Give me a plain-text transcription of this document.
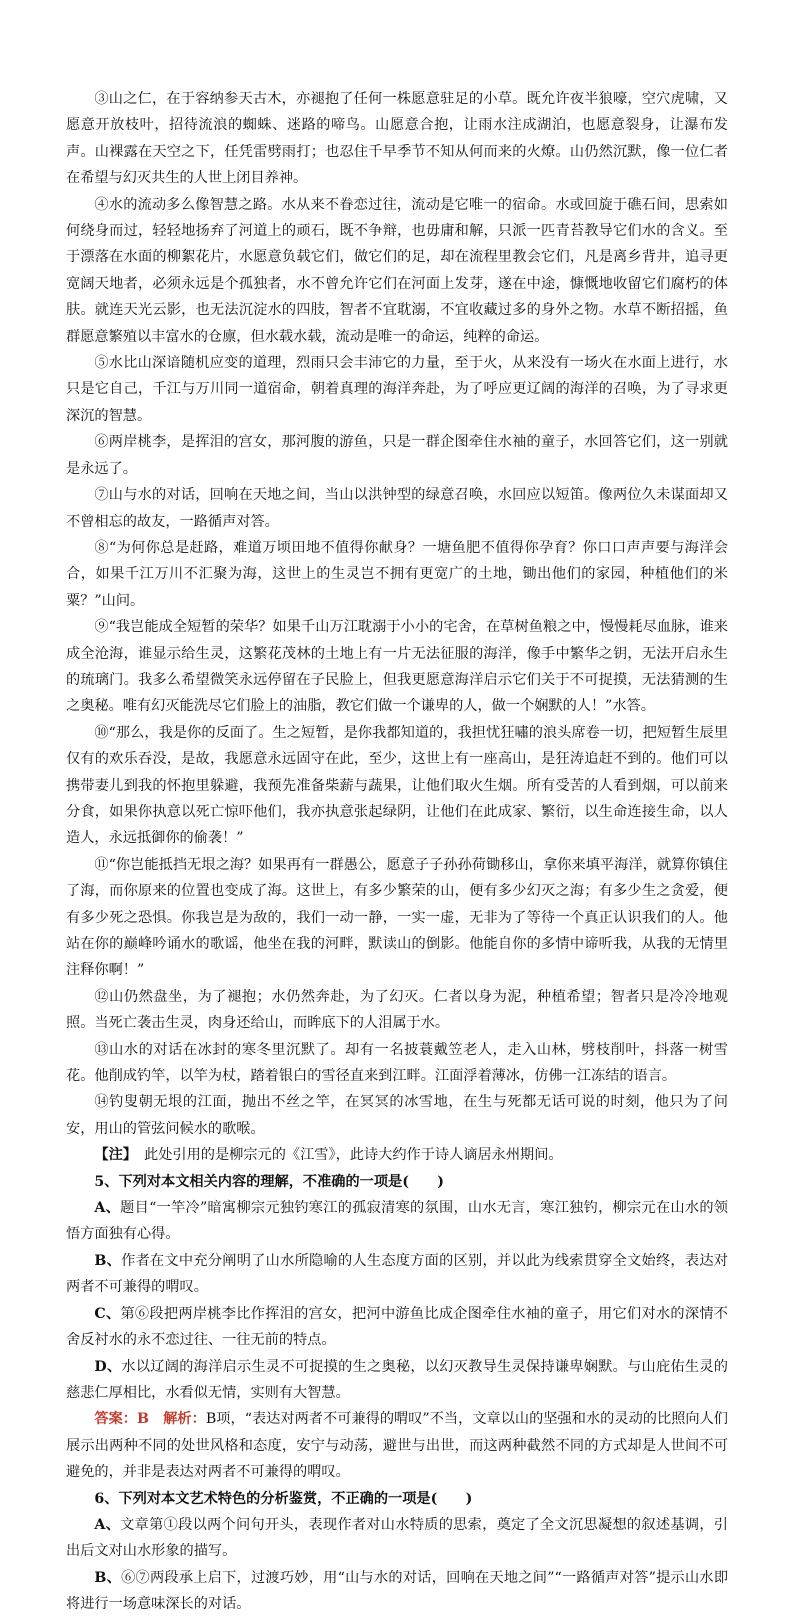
③山之仁，在于容纳参天古木，亦褪抱了任何一株愿意驻足的小草。既允许夜半狼嚎，空穴虎啸，又愿意开放枝叶，招待流浪的蜘蛛、迷路的啼鸟。山愿意合抱，让雨水注成湖泊，也愿意裂身，让瀑布发声。山裸露在天空之下，任凭雷劈雨打；也忍住千早季节不知从何而来的火燎。山仍然沉默，像一位仁者在希望与幻灭共生的人世上闭目养神。

④水的流动多么像智慧之路。水从来不眷恋过往，流动是它唯一的宿命。水或回旋于礁石间，思索如何绕身而过，轻轻地扬弃了河道上的顽石，既不争辩，也毋庸和解，只派一匹青苔教导它们水的含义。至于漂落在水面的柳絮花片，水愿意负载它们，做它们的足，却在流程里教会它们，凡是离乡背井，追寻更宽阔天地者，必须永远是个孤独者，水不曾允许它们在河面上发芽，遂在中途，慷慨地收留它们腐朽的体肤。就连天光云影，也无法沉淀水的四肢，智者不宜耽溺，不宜收藏过多的身外之物。水草不断招摇，鱼群愿意繁殖以丰富水的仓廪，但水载水载，流动是唯一的命运，纯粹的命运。

⑤水比山深谙随机应变的道理，烈雨只会丰沛它的力量，至于火，从来没有一场火在水面上进行，水只是它自己，千江与万川同一道宿命，朝着真理的海洋奔赴，为了呼应更辽阔的海洋的召唤，为了寻求更深沉的智慧。

⑥两岸桃李，是挥泪的宫女，那河腹的游鱼，只是一群企图牵住水袖的童子，水回答它们，这一别就是永远了。

⑦山与水的对话，回响在天地之间，当山以洪钟型的绿意召唤，水回应以短笛。像两位久未谋面却又不曾相忘的故友，一路循声对答。

⑧“为何你总是赶路，难道万顷田地不值得你献身？一塘鱼肥不值得你孕育？你口口声声要与海洋会合，如果千江万川不汇聚为海，这世上的生灵岂不拥有更宽广的土地，锄出他们的家园，种植他们的米粟？”山问。

⑨“我岂能成全短暂的荣华？如果千山万江耽溺于小小的宅舍，在草树鱼粮之中，慢慢耗尽血脉，谁来成全沧海，谁显示给生灵，这繁花茂林的土地上有一片无法征服的海洋，像手中繁华之钥，无法开启永生的琉璃门。我多么希望微笑永远停留在子民脸上，但我更愿意海洋启示它们关于不可捉摸，无法猜测的生之奥秘。唯有幻灭能洗尽它们脸上的油脂，教它们做一个谦卑的人，做一个娴默的人！”水答。

⑩“那么，我是你的反面了。生之短暂，是你我都知道的，我担忧狂嘯的浪头席卷一切，把短暂生辰里仅有的欢乐吞没，是故，我愿意永远固守在此，至少，这世上有一座高山，是狂涛追赶不到的。他们可以携带妻儿到我的怀抱里躲避，我预先准备柴薪与蔬果，让他们取火生烟。所有受苦的人看到烟，可以前来分食，如果你执意以死亡惊吓他们，我亦执意张起绿阴，让他们在此成家、繁衍，以生命连接生命，以人造人，永远抵御你的偷袭！”

⑪“你岂能抵挡无垠之海？如果再有一群愚公，愿意子子孙孙荷锄移山，拿你来填平海洋，就算你镇住了海，而你原来的位置也变成了海。这世上，有多少繁荣的山，便有多少幻灭之海；有多少生之贪爱，便有多少死之恐惧。你我岂是为敌的，我们一动一静，一实一虚，无非为了等待一个真正认识我们的人。他站在你的巅峰吟诵水的歌谣，他坐在我的河畔，默读山的倒影。他能自你的多情中谛听我，从我的无情里注释你啊！”

⑫山仍然盘坐，为了褪抱；水仍然奔赴，为了幻灭。仁者以身为泥，种植希望；智者只是冷冷地观照。当死亡袭击生灵，肉身还给山，而眸底下的人泪属于水。

⑬山水的对话在冰封的寒冬里沉默了。却有一名披蓑戴笠老人，走入山林，劈枝削叶，抖落一树雪花。他削成钓竿，以竿为杖，踏着银白的雪径直来到江畔。江面浮着薄冰，仿佛一江冻结的语言。

⑭钓叟朝无垠的江面，抛出不丝之竿，在冥冥的冰雪地，在生与死都无话可说的时刻，他只为了问安，用山的管弦问候水的歌喉。

【注】　此处引用的是柳宗元的《江雪》，此诗大约作于诗人谪居永州期间。

5、下列对本文相关内容的理解，不准确的一项是(　　)

A、题目“一竿冷”暗寓柳宗元独钓寒江的孤寂清寒的氛围，山水无言，寒江独钓，柳宗元在山水的领悟方面独有心得。

B、作者在文中充分阐明了山水所隐喻的人生态度方面的区别，并以此为线索贯穿全文始终，表达对两者不可兼得的喟叹。

C、第⑥段把两岸桃李比作挥泪的宫女，把河中游鱼比成企图牵住水袖的童子，用它们对水的深情不舍反衬水的永不恋过往、一往无前的特点。

D、水以辽阔的海洋启示生灵不可捉摸的生之奥秘，以幻灭教导生灵保持谦卑娴默。与山庇佑生灵的慈悲仁厚相比，水看似无情，实则有大智慧。

答案：B　解析：B项，“表达对两者不可兼得的喟叹”不当，文章以山的坚强和水的灵动的比照向人们展示出两种不同的处世风格和态度，安宁与动荡，避世与出世，而这两种截然不同的方式却是人世间不可避免的，并非是表达对两者不可兼得的喟叹。

6、下列对本文艺术特色的分析鉴赏，不正确的一项是(　　)

A、文章第①段以两个问句开头，表现作者对山水特质的思索，奠定了全文沉思凝想的叙述基调，引出后文对山水形象的描写。

B、⑥⑦两段承上启下，过渡巧妙，用“山与水的对话，回响在天地之间”“一路循声对答”提示山水即将进行一场意味深长的对话。
